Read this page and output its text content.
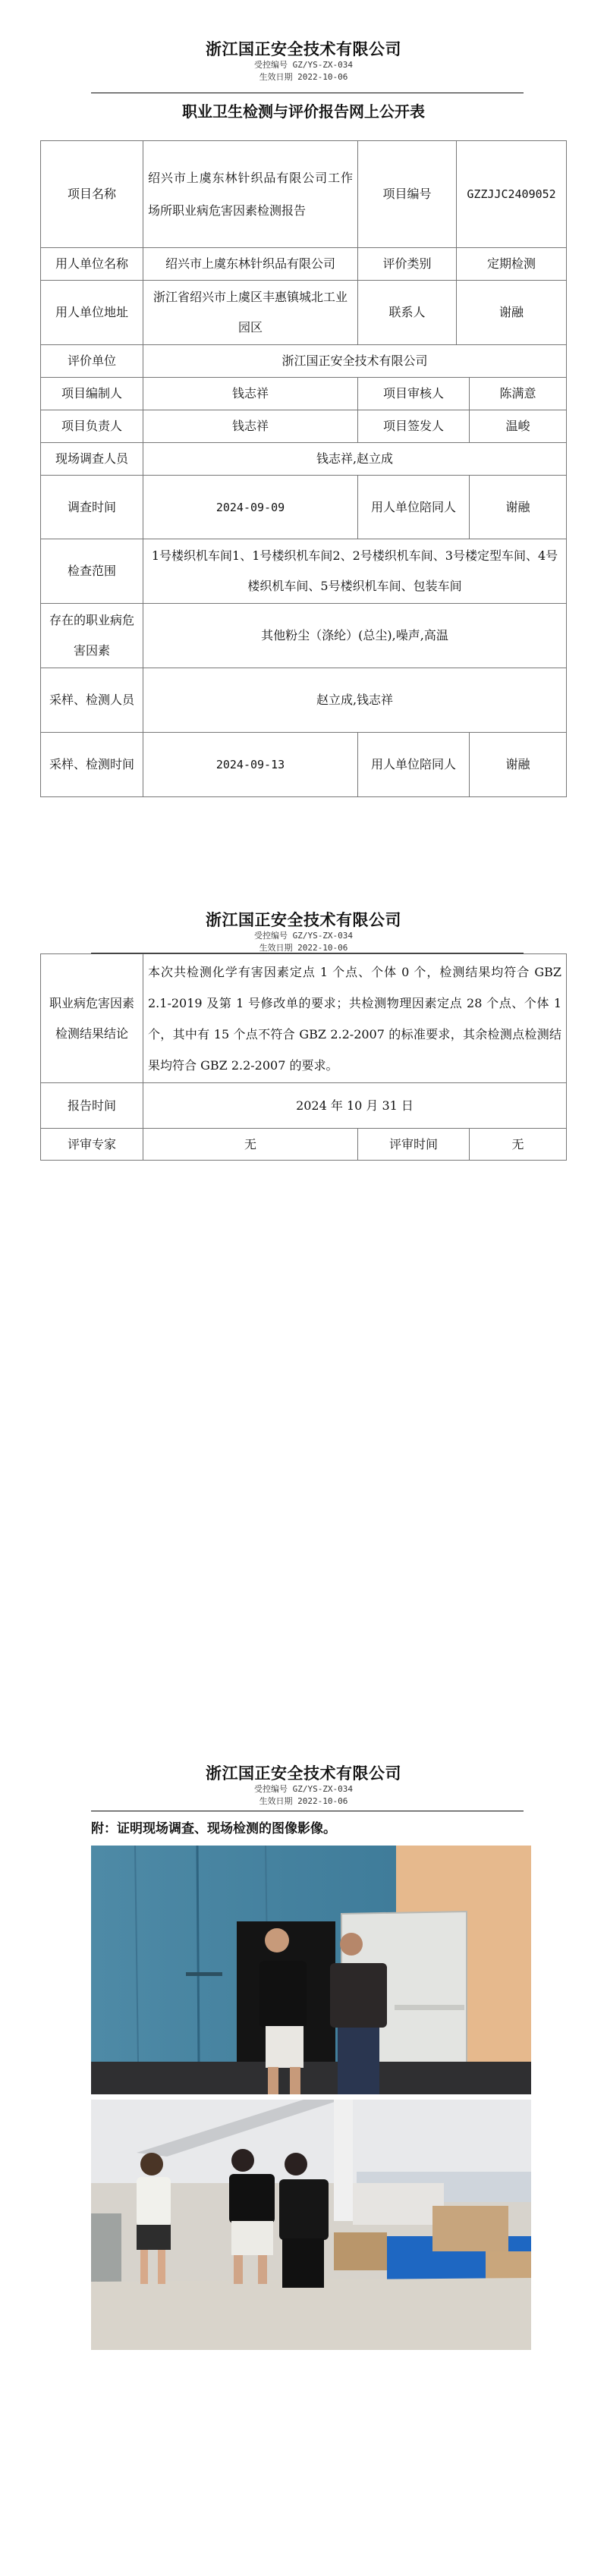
浙江国正安全技术有限公司
受控编号 GZ/YS-ZX-034
生效日期 2022-10-06
职业卫生检测与评价报告网上公开表
项目名称	绍兴市上虞东林针织品有限公司工作场所职业病危害因素检测报告	项目编号	GZZJJC2409052	
用人单位名称	绍兴市上虞东林针织品有限公司	评价类别	定期检测	
用人单位地址	浙江省绍兴市上虞区丰惠镇城北工业园区	联系人	谢融	
评价单位	浙江国正安全技术有限公司			
项目编制人	钱志祥	项目审核人		陈满意
项目负责人	钱志祥	项目签发人		温峻
现场调查人员	钱志祥,赵立成			
调查时间	2024-09-09	用人单位陪同人		谢融
检查范围	1号楼织机车间1、1号楼织机车间2、2号楼织机车间、3号楼定型车间、4号楼织机车间、5号楼织机车间、包装车间			
存在的职业病危害因素	其他粉尘（涤纶）(总尘),噪声,高温			
采样、检测人员	赵立成,钱志祥			
采样、检测时间	2024-09-13	用人单位陪同人		谢融
浙江国正安全技术有限公司
受控编号 GZ/YS-ZX-034
生效日期 2022-10-06
职业病危害因素检测结果结论	本次共检测化学有害因素定点 1 个点、个体 0 个，检测结果均符合 GBZ 2.1-2019 及第 1 号修改单的要求；共检测物理因素定点 28 个点、个体 1 个，其中有 15 个点不符合 GBZ 2.2-2007 的标准要求，其余检测点检测结果均符合 GBZ 2.2-2007 的要求。		
报告时间	2024 年 10 月 31 日		
评审专家	无	评审时间	无
浙江国正安全技术有限公司
受控编号 GZ/YS-ZX-034
生效日期 2022-10-06
附：证明现场调查、现场检测的图像影像。
